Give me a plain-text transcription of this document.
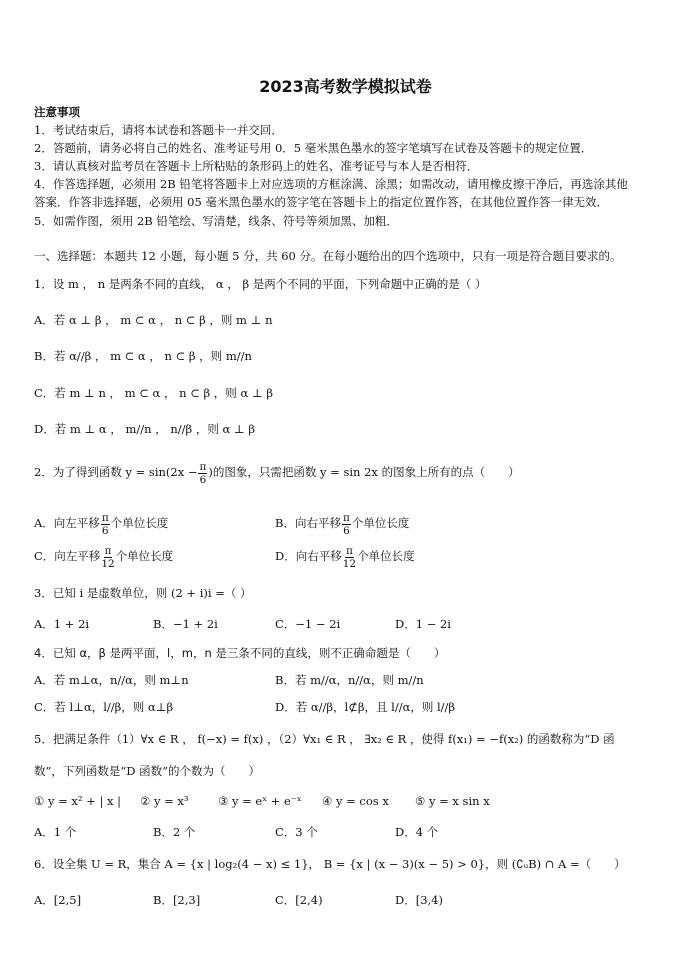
2023高考数学模拟试卷
注意事项
1．考试结束后，请将本试卷和答题卡一并交回．
2．答题前，请务必将自己的姓名、准考证号用 0．5 毫米黑色墨水的签字笔填写在试卷及答题卡的规定位置．
3．请认真核对监考员在答题卡上所粘贴的条形码上的姓名、准考证号与本人是否相符．
4．作答选择题，必须用 2B 铅笔将答题卡上对应选项的方框涂满、涂黑；如需改动，请用橡皮擦干净后，再选涂其他
答案．作答非选择题，必须用 05 毫米黑色墨水的签字笔在答题卡上的指定位置作答，在其他位置作答一律无效．
5．如需作图，须用 2B 铅笔绘、写清楚，线条、符号等须加黑、加粗．
一、选择题：本题共 12 小题，每小题 5 分，共 60 分。在每小题给出的四个选项中，只有一项是符合题目要求的。
1．设 m ， n 是两条不同的直线， α ， β 是两个不同的平面，下列命题中正确的是（ ）
A．若 α ⊥ β ， m ⊂ α ， n ⊂ β ，则 m ⊥ n
B．若 α//β ， m ⊂ α ， n ⊂ β ，则 m//n
C．若 m ⊥ n ， m ⊂ α ， n ⊂ β ，则 α ⊥ β
D．若 m ⊥ α ， m//n ， n//β ，则 α ⊥ β
2．为了得到函数 $y = \sin(2x - \frac{\pi}{6}$ )的图象，只需把函数 y = sin 2x 的图象上所有的点（　　）
A．向左平移 $\frac{\pi}{6}$ 个单位长度	B．向右平移 $\frac{\pi}{6}$ 个单位长度
C．向左平移 $\frac{\pi}{12}$ 个单位长度	D．向右平移 $\frac{\pi}{12}$ 个单位长度
3．已知 i 是虚数单位，则 (2 + i)i =（ ）
A．1 + 2i	B．−1 + 2i	C．−1 − 2i	D．1 − 2i
4．已知 α，β 是两平面，l，m，n 是三条不同的直线，则不正确命题是（　　）
A．若 m⊥α，n//α，则 m⊥n	B．若 m//α，n//α，则 m//n
C．若 l⊥α，l//β，则 α⊥β	D．若 α//β，l⊄β，且 l//α，则 l//β
5．把满足条件（1）∀x ∈ R ， f(−x) = f(x) ，（2）∀x₁ ∈ R ， ∃x₂ ∈ R ，使得 f(x₁) = −f(x₂) 的函数称为“D 函
数”，下列函数是“D 函数”的个数为（　　）
① y = x² + | x | ② y = x³	③ y = eˣ + e⁻ˣ ④ y = cos x ⑤ y = x sin x
A．1 个	B．2 个	C．3 个	D．4 个
6．设全集 U = R，集合 A = {x | log₂(4 − x) ≤ 1}， B = {x | (x − 3)(x − 5) > 0}，则 (∁ᵤB) ∩ A =（　　）
A．[2,5]	B．[2,3]	C．[2,4)	D．[3,4)
